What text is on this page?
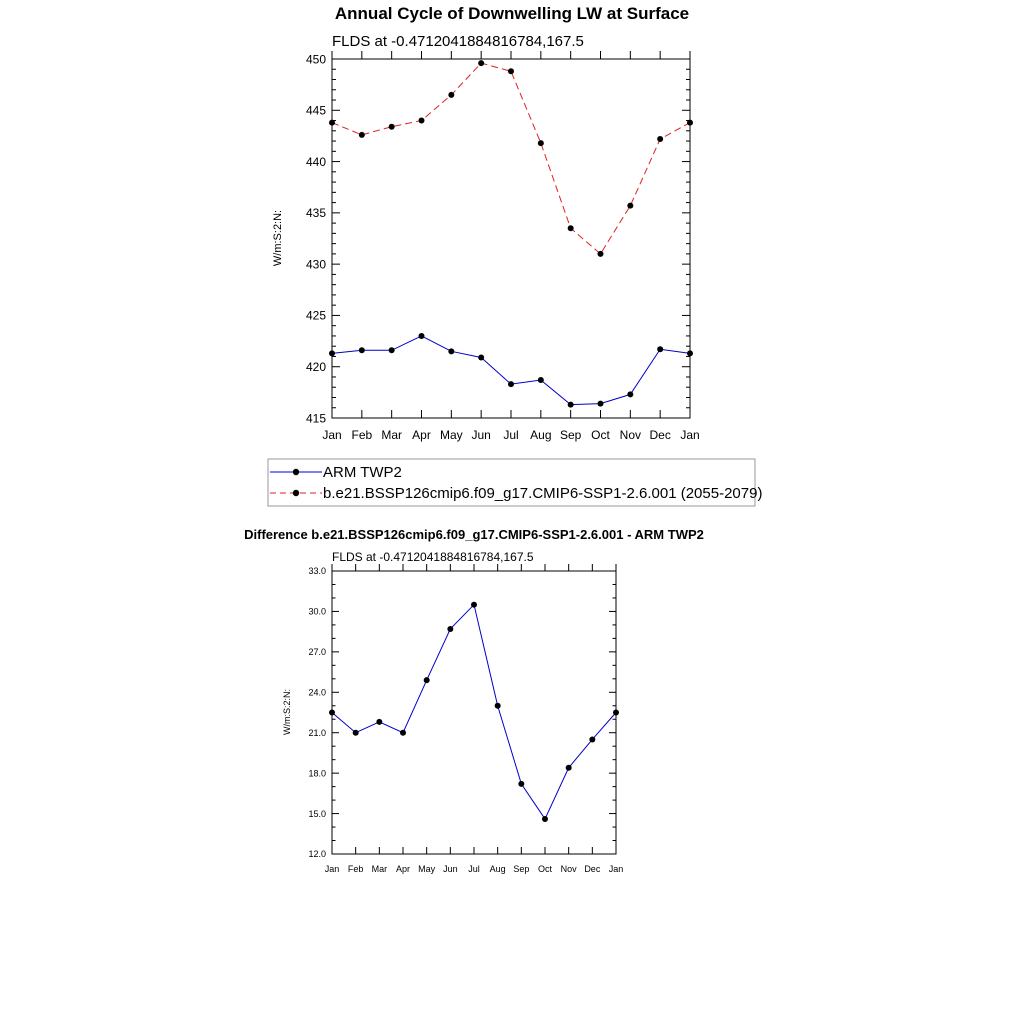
Annual Cycle of Downwelling LW at Surface
FLDS at -0.4712041884816784,167.5
W/m:S:2:N:
Jan Feb Mar Apr May Jun Jul Aug Sep Oct Nov Dec Jan
415
420
425
430
435
440
445
450
ARM TWP2
b.e21.BSSP126cmip6.f09_g17.CMIP6-SSP1-2.6.001 (2055-2079)
Difference b.e21.BSSP126cmip6.f09_g17.CMIP6-SSP1-2.6.001 - ARM TWP2
FLDS at -0.4712041884816784,167.5
W/m:S:2:N:
Jan Feb Mar Apr May Jun Jul Aug Sep Oct Nov Dec Jan
12.0
15.0
18.0
21.0
24.0
27.0
30.0
33.0
